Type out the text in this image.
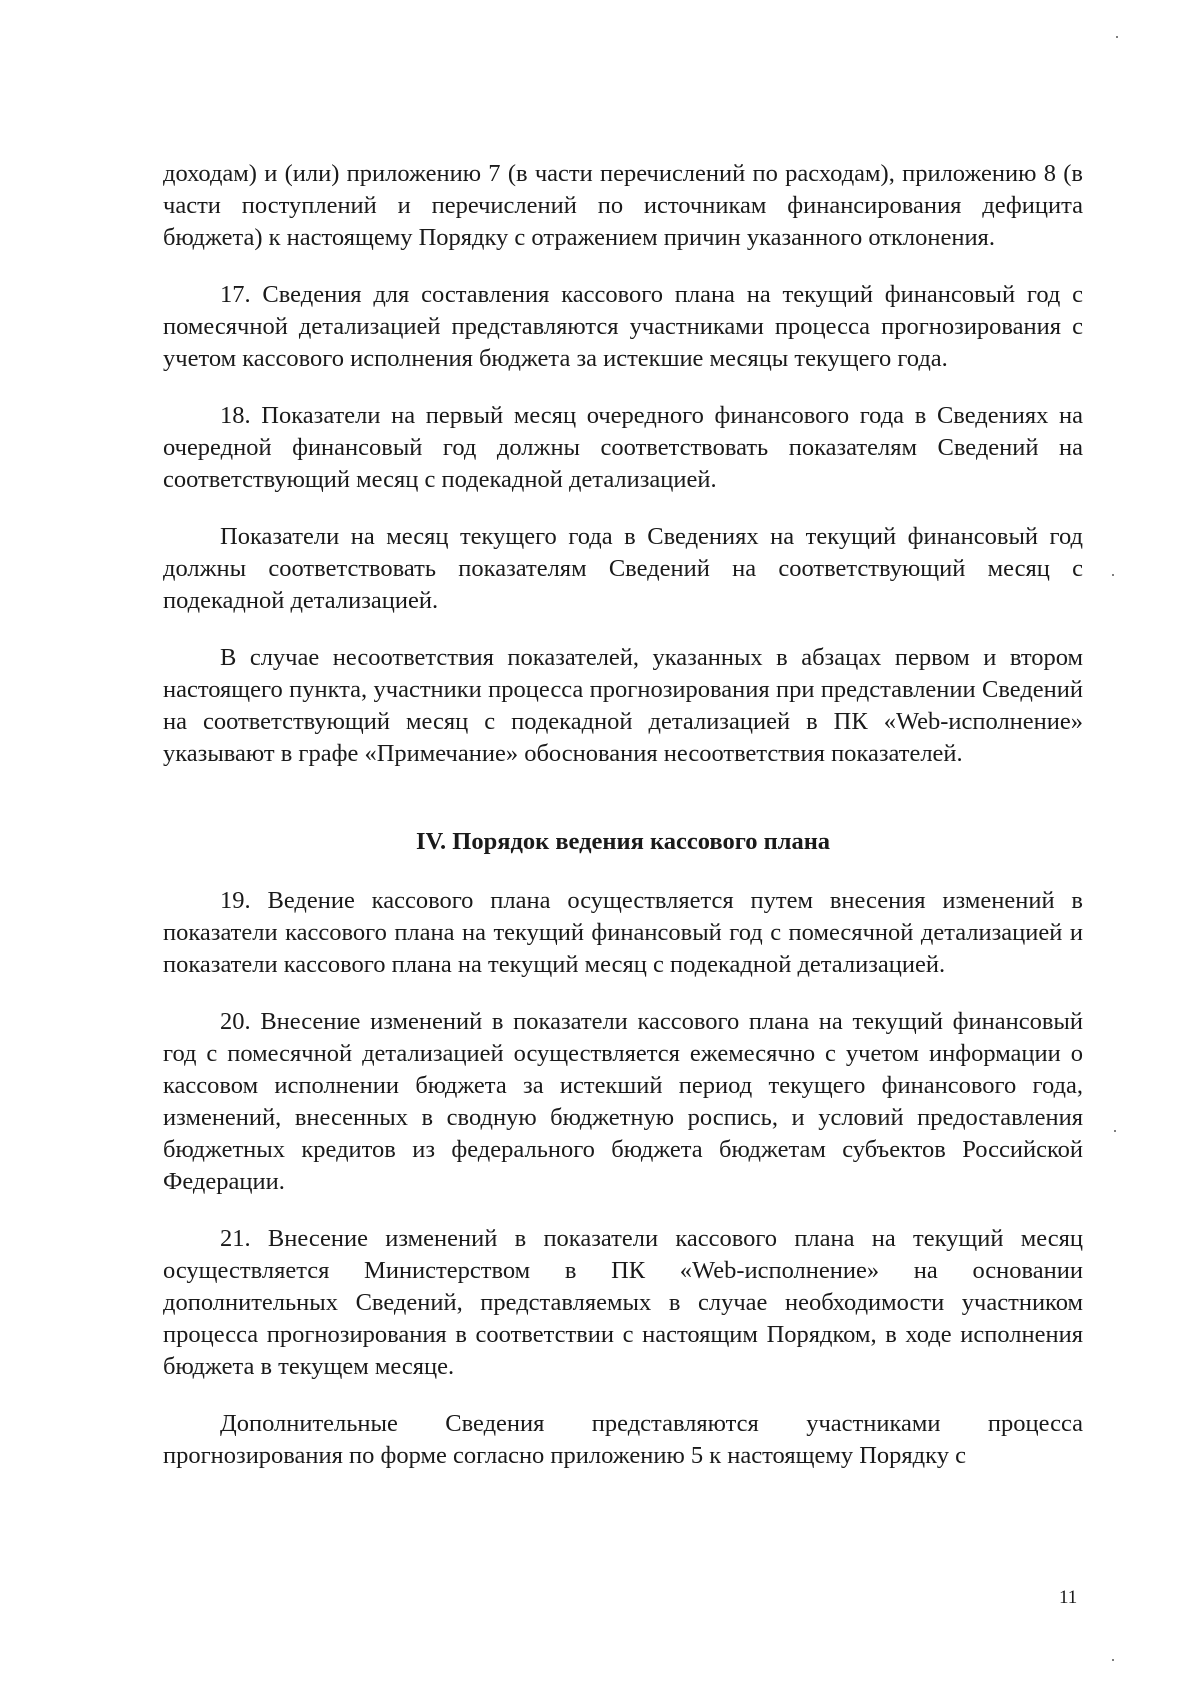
доходам) и (или) приложению 7 (в части перечислений по расходам), приложению 8 (в части поступлений и перечислений по источникам финансирования дефицита бюджета) к настоящему Порядку с отражением причин указанного отклонения.

17. Сведения для составления кассового плана на текущий финансовый год с помесячной детализацией представляются участниками процесса прогнозирования с учетом кассового исполнения бюджета за истекшие месяцы текущего года.

18. Показатели на первый месяц очередного финансового года в Сведениях на очередной финансовый год должны соответствовать показателям Сведений на соответствующий месяц с подекадной детализацией.

Показатели на месяц текущего года в Сведениях на текущий финансовый год должны соответствовать показателям Сведений на соответствующий месяц с подекадной детализацией.

В случае несоответствия показателей, указанных в абзацах первом и втором настоящего пункта, участники процесса прогнозирования при представлении Сведений на соответствующий месяц с подекадной детализацией в ПК «Web-исполнение» указывают в графе «Примечание» обоснования несоответствия показателей.

IV. Порядок ведения кассового плана

19. Ведение кассового плана осуществляется путем внесения изменений в показатели кассового плана на текущий финансовый год с помесячной детализацией и показатели кассового плана на текущий месяц с подекадной детализацией.

20. Внесение изменений в показатели кассового плана на текущий финансовый год с помесячной детализацией осуществляется ежемесячно с учетом информации о кассовом исполнении бюджета за истекший период текущего финансового года, изменений, внесенных в сводную бюджетную роспись, и условий предоставления бюджетных кредитов из федерального бюджета бюджетам субъектов Российской Федерации.

21. Внесение изменений в показатели кассового плана на текущий месяц осуществляется Министерством в ПК «Web-исполнение» на основании дополнительных Сведений, представляемых в случае необходимости участником процесса прогнозирования в соответствии с настоящим Порядком, в ходе исполнения бюджета в текущем месяце.

Дополнительные Сведения представляются участниками процесса прогнозирования по форме согласно приложению 5 к настоящему Порядку с

11
